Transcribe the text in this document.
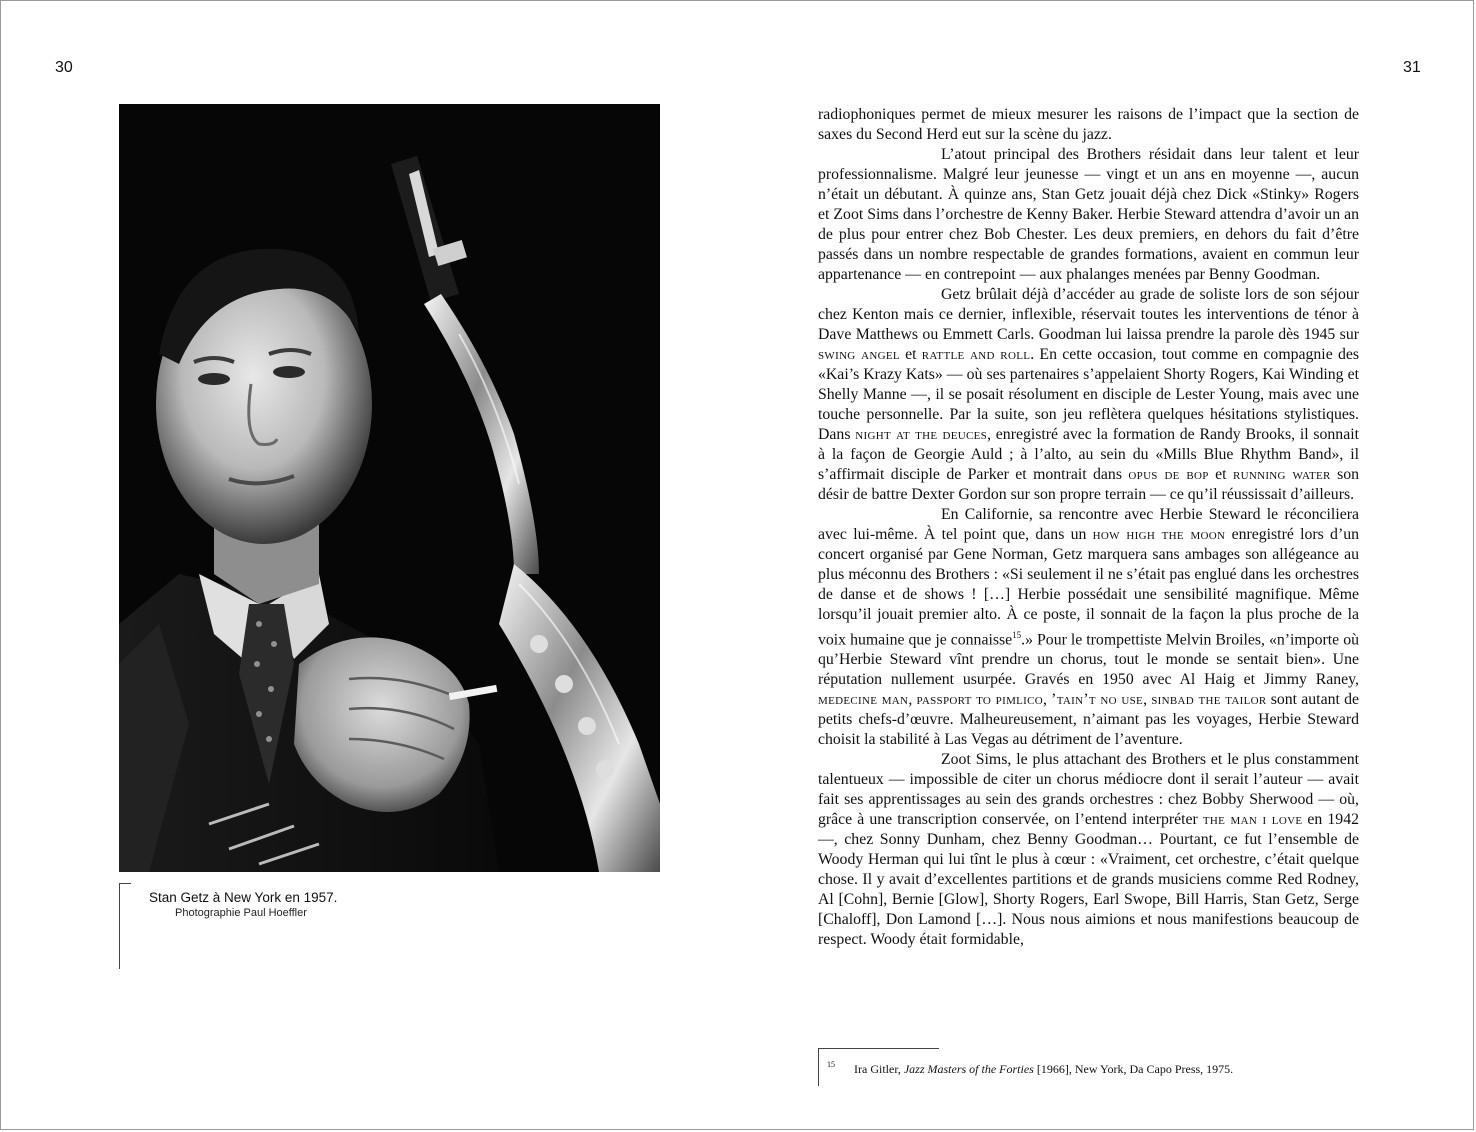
30	31
Stan Getz à New York en 1957.
Photographie Paul Hoeffler

radiophoniques permet de mieux mesurer les raisons de l’impact que la section de saxes du Second Herd eut sur la scène du jazz.

L’atout principal des Brothers résidait dans leur talent et leur professionnalisme. Malgré leur jeunesse — vingt et un ans en moyenne —, aucun n’était un débutant. À quinze ans, Stan Getz jouait déjà chez Dick «Stinky» Rogers et Zoot Sims dans l’orchestre de Kenny Baker. Herbie Steward attendra d’avoir un an de plus pour entrer chez Bob Chester. Les deux premiers, en dehors du fait d’être passés dans un nombre respectable de grandes formations, avaient en commun leur appartenance — en contrepoint — aux phalanges menées par Benny Goodman.

Getz brûlait déjà d’accéder au grade de soliste lors de son séjour chez Kenton mais ce dernier, inflexible, réservait toutes les interventions de ténor à Dave Matthews ou Emmett Carls. Goodman lui laissa prendre la parole dès 1945 sur swing angel et rattle and roll. En cette occasion, tout comme en compagnie des «Kai’s Krazy Kats» — où ses partenaires s’appelaient Shorty Rogers, Kai Winding et Shelly Manne —, il se posait résolument en disciple de Lester Young, mais avec une touche personnelle. Par la suite, son jeu reflètera quelques hésitations stylistiques. Dans night at the deuces, enregistré avec la formation de Randy Brooks, il sonnait à la façon de Georgie Auld ; à l’alto, au sein du «Mills Blue Rhythm Band», il s’affirmait disciple de Parker et montrait dans opus de bop et running water son désir de battre Dexter Gordon sur son propre terrain — ce qu’il réussissait d’ailleurs.

En Californie, sa rencontre avec Herbie Steward le réconciliera avec lui-même. À tel point que, dans un how high the moon enregistré lors d’un concert organisé par Gene Norman, Getz marquera sans ambages son allégeance au plus méconnu des Brothers : «Si seulement il ne s’était pas englué dans les orchestres de danse et de shows ! […] Herbie possédait une sensibilité magnifique. Même lorsqu’il jouait premier alto. À ce poste, il sonnait de la façon la plus proche de la voix humaine que je connaisse$^{15}$.» Pour le trompettiste Melvin Broiles, «n’importe où qu’Herbie Steward vînt prendre un chorus, tout le monde se sentait bien». Une réputation nullement usurpée. Gravés en 1950 avec Al Haig et Jimmy Raney, medecine man, passport to pimlico, ’tain’t no use, sinbad the tailor sont autant de petits chefs-d’œuvre. Malheureusement, n’aimant pas les voyages, Herbie Steward choisit la stabilité à Las Vegas au détriment de l’aventure.

Zoot Sims, le plus attachant des Brothers et le plus constamment talentueux — impossible de citer un chorus médiocre dont il serait l’auteur — avait fait ses apprentissages au sein des grands orchestres : chez Bobby Sherwood — où, grâce à une transcription conservée, on l’entend interpréter the man i love en 1942 —, chez Sonny Dunham, chez Benny Goodman… Pourtant, ce fut l’ensemble de Woody Herman qui lui tînt le plus à cœur : «Vraiment, cet orchestre, c’était quelque chose. Il y avait d’excellentes partitions et de grands musiciens comme Red Rodney, Al [Cohn], Bernie [Glow], Shorty Rogers, Earl Swope, Bill Harris, Stan Getz, Serge [Chaloff], Don Lamond […]. Nous nous aimions et nous manifestions beaucoup de respect. Woody était formidable,

$^{15}$ Ira Gitler, Jazz Masters of the Forties [1966], New York, Da Capo Press, 1975.
